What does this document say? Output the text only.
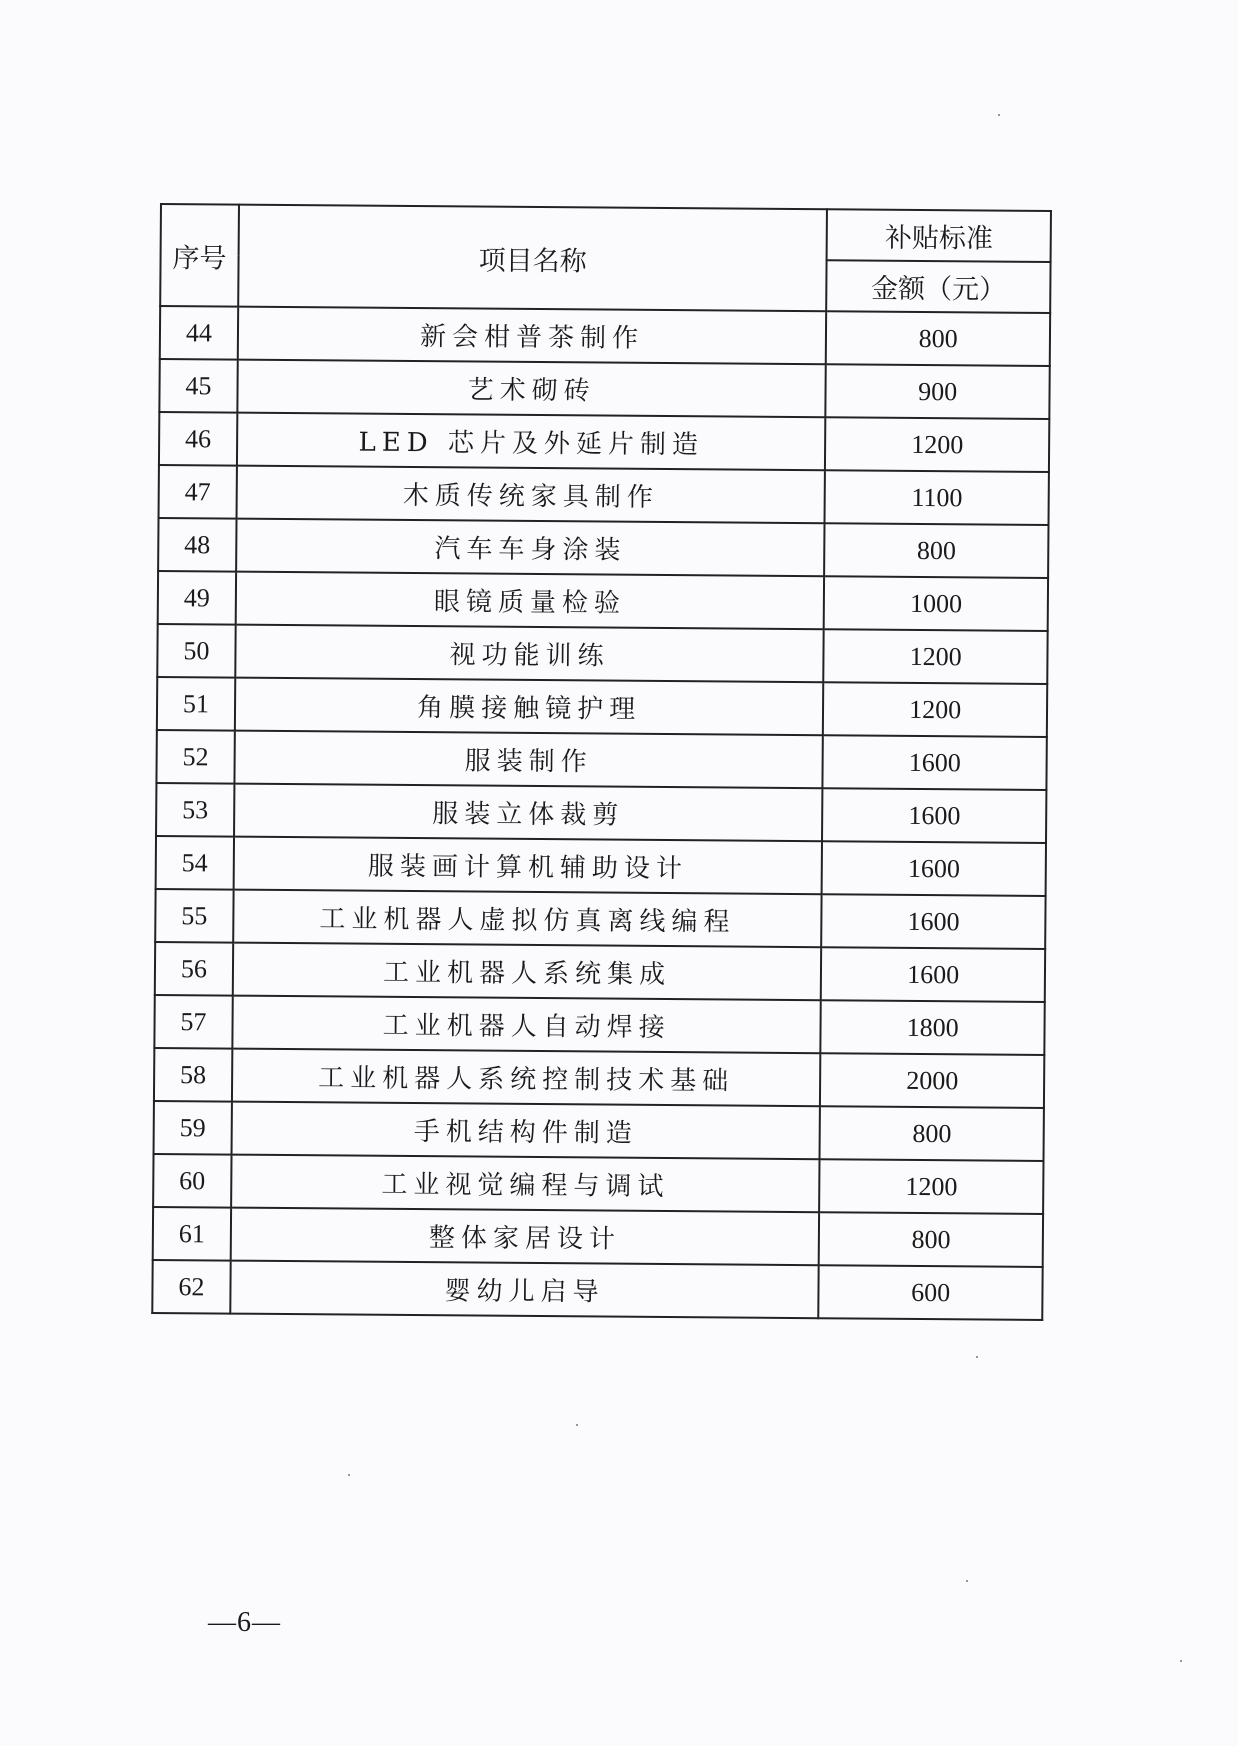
序号	项目名称	补贴标准
		金额（元）
44	新会柑普茶制作	800
45	艺术砌砖	900
46	LED 芯片及外延片制造	1200
47	木质传统家具制作	1100
48	汽车车身涂装	800
49	眼镜质量检验	1000
50	视功能训练	1200
51	角膜接触镜护理	1200
52	服装制作	1600
53	服装立体裁剪	1600
54	服装画计算机辅助设计	1600
55	工业机器人虚拟仿真离线编程	1600
56	工业机器人系统集成	1600
57	工业机器人自动焊接	1800
58	工业机器人系统控制技术基础	2000
59	手机结构件制造	800
60	工业视觉编程与调试	1200
61	整体家居设计	800
62	婴幼儿启导	600
—6—
